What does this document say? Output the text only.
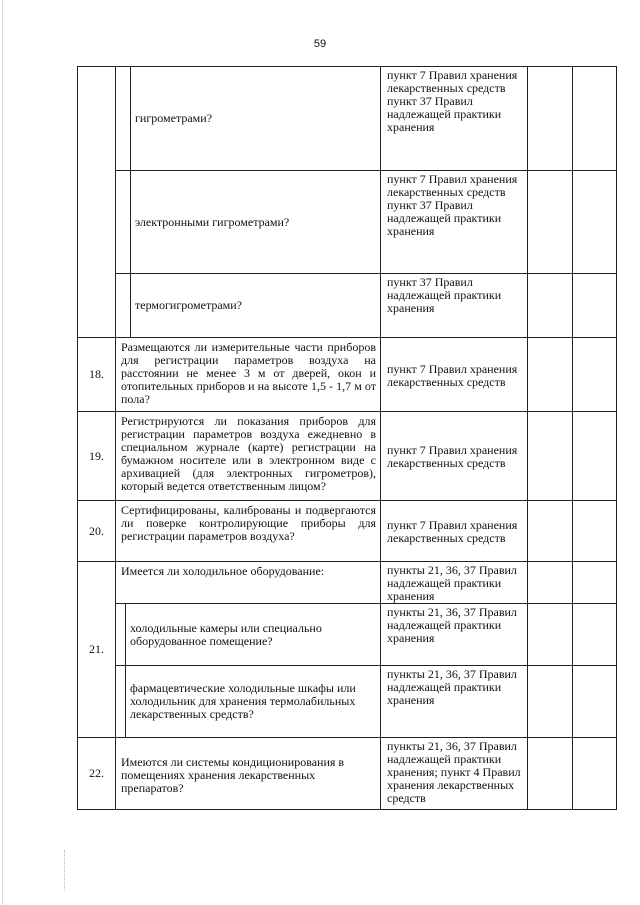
59

гигрометрами?	пункт 7 Правил хранения лекарственных средств пункт 37 Правил надлежащей практики хранения		

электронными гигрометрами?	пункт 7 Правил хранения лекарственных средств пункт 37 Правил надлежащей практики хранения		

термогигрометрами?	пункт 37 Правил надлежащей практики хранения		
18.	Размещаются ли измерительные части приборов для регистрации параметров воздуха на расстоянии не менее 3 м от дверей, окон и отопительных приборов и на высоте 1,5 - 1,7 м от пола?	пункт 7 Правил хранения лекарственных средств		
19.	Регистрируются ли показания приборов для регистрации параметров воздуха ежедневно в специальном журнале (карте) регистрации на бумажном носителе или в электронном виде с архивацией (для электронных гигрометров), который ведется ответственным лицом?	пункт 7 Правил хранения лекарственных средств		
20.	Сертифицированы, калиброваны и подвергаются ли поверке контролирующие приборы для регистрации параметров воздуха?	пункт 7 Правил хранения лекарственных средств		
21.	Имеется ли холодильное оборудование:	пункты 21, 36, 37 Правил надлежащей практики хранения		

холодильные камеры или специально оборудованное помещение?	пункты 21, 36, 37 Правил надлежащей практики хранения		

фармацевтические холодильные шкафы или холодильник для хранения термолабильных лекарственных средств?	пункты 21, 36, 37 Правил надлежащей практики хранения		
22.	Имеются ли системы кондиционирования в помещениях хранения лекарственных препаратов?	пункты 21, 36, 37 Правил надлежащей практики хранения; пункт 4 Правил хранения лекарственных средств		
